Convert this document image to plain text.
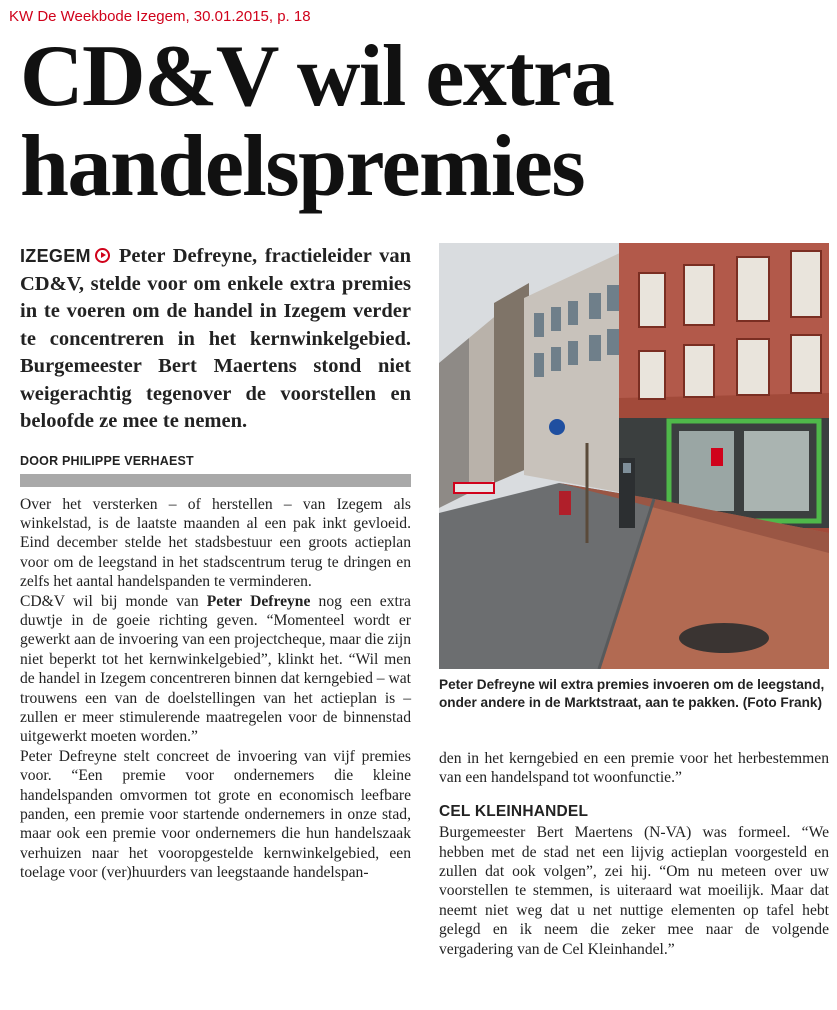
KW De Weekbode Izegem, 30.01.2015, p. 18
CD&V wil extra
handelspremies

IZEGEM Peter Defreyne, fractieleider van CD&V, stelde voor om enkele extra premies in te voeren om de handel in Izegem verder te concentreren in het kernwinkelgebied. Burgemeester Bert Maertens stond niet weigerachtig tegenover de voorstellen en beloofde ze mee te nemen.

DOOR PHILIPPE VERHAEST

Over het versterken – of herstellen – van Izegem als winkelstad, is de laatste maanden al een pak inkt gevloeid. Eind december stelde het stadsbestuur een groots actieplan voor om de leegstand in het stadscentrum terug te dringen en zelfs het aantal handelspanden te verminderen.

CD&V wil bij monde van Peter Defreyne nog een extra duwtje in de goeie richting geven. “Momenteel wordt er gewerkt aan de invoering van een projectcheque, maar die zijn niet beperkt tot het kernwinkelgebied”, klinkt het. “Wil men de handel in Izegem concentreren binnen dat kerngebied – wat trouwens een van de doelstellingen van het actieplan is – zullen er meer stimulerende maatregelen voor de binnenstad uitgewerkt moeten worden.”

Peter Defreyne stelt concreet de invoering van vijf premies voor. “Een premie voor ondernemers die kleine handelspanden omvormen tot grote en economisch leefbare panden, een premie voor startende ondernemers in onze stad, maar ook een premie voor ondernemers die hun handelszaak verhuizen naar het vooropgestelde kernwinkelgebied, een toelage voor (ver)huurders van leegstaande handelspan-

Peter Defreyne wil extra premies invoeren om de leegstand, onder andere in de Marktstraat, aan te pakken. (Foto Frank)

den in het kerngebied en een premie voor het herbestemmen van een handelspand tot woonfunctie.”

CEL KLEINHANDEL

Burgemeester Bert Maertens (N-VA) was formeel. “We hebben met de stad net een lijvig actieplan voorgesteld en zullen dat ook volgen”, zei hij. “Om nu meteen over uw voorstellen te stemmen, is uiteraard wat moeilijk. Maar dat neemt niet weg dat u net nuttige elementen op tafel hebt gelegd en ik neem die zeker mee naar de volgende vergadering van de Cel Kleinhandel.”
